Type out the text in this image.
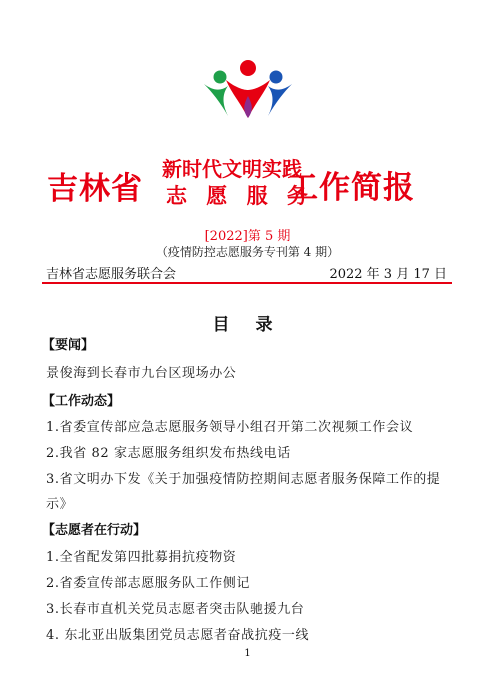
吉林省
新时代文明实践
志 愿 服 务
工作简报
[2022]第 5 期
（疫情防控志愿服务专刊第 4 期）
吉林省志愿服务联合会	2022 年 3 月 17 日
目 录
【要闻】
景俊海到长春市九台区现场办公
【工作动态】
1.省委宣传部应急志愿服务领导小组召开第二次视频工作会议
2.我省 82 家志愿服务组织发布热线电话
3.省文明办下发《关于加强疫情防控期间志愿者服务保障工作的提
示》
【志愿者在行动】
1.全省配发第四批募捐抗疫物资
2.省委宣传部志愿服务队工作侧记
3.长春市直机关党员志愿者突击队驰援九台
4. 东北亚出版集团党员志愿者奋战抗疫一线
1
